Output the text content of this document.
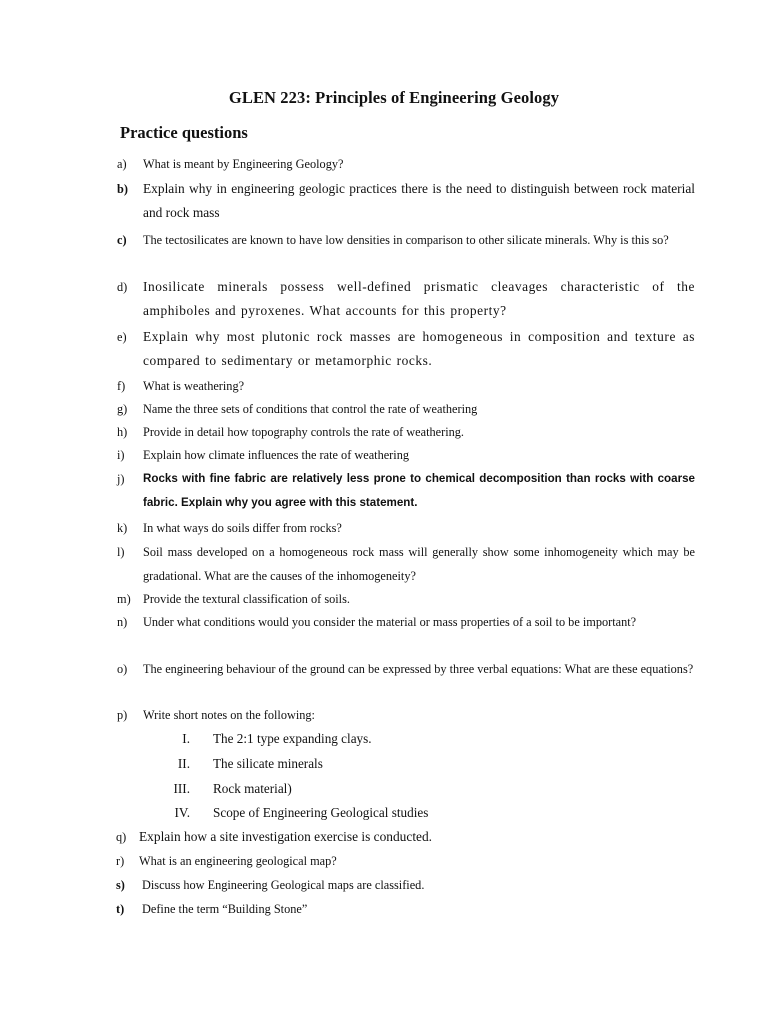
GLEN 223: Principles of Engineering Geology
Practice questions
a) What is meant by Engineering Geology?
b) Explain why in engineering geologic practices there is the need to distinguish between rock material and rock mass
c) The tectosilicates are known to have low densities in comparison to other silicate minerals. Why is this so?
d) Inosilicate minerals possess well-defined prismatic cleavages characteristic of the amphiboles and pyroxenes. What accounts for this property?
e) Explain why most plutonic rock masses are homogeneous in composition and texture as compared to sedimentary or metamorphic rocks.
f) What is weathering?
g) Name the three sets of conditions that control the rate of weathering
h) Provide in detail how topography controls the rate of weathering.
i) Explain how climate influences the rate of weathering
j) Rocks with fine fabric are relatively less prone to chemical decomposition than rocks with coarse fabric. Explain why you agree with this statement.
k) In what ways do soils differ from rocks?
l) Soil mass developed on a homogeneous rock mass will generally show some inhomogeneity which may be gradational. What are the causes of the inhomogeneity?
m) Provide the textural classification of soils.
n) Under what conditions would you consider the material or mass properties of a soil to be important?
o) The engineering behaviour of the ground can be expressed by three verbal equations: What are these equations?
p) Write short notes on the following:
I. The 2:1 type expanding clays.
II. The silicate minerals
III. Rock material)
IV. Scope of Engineering Geological studies
q) Explain how a site investigation exercise is conducted.
r) What is an engineering geological map?
s) Discuss how Engineering Geological maps are classified.
t) Define the term “Building Stone”
